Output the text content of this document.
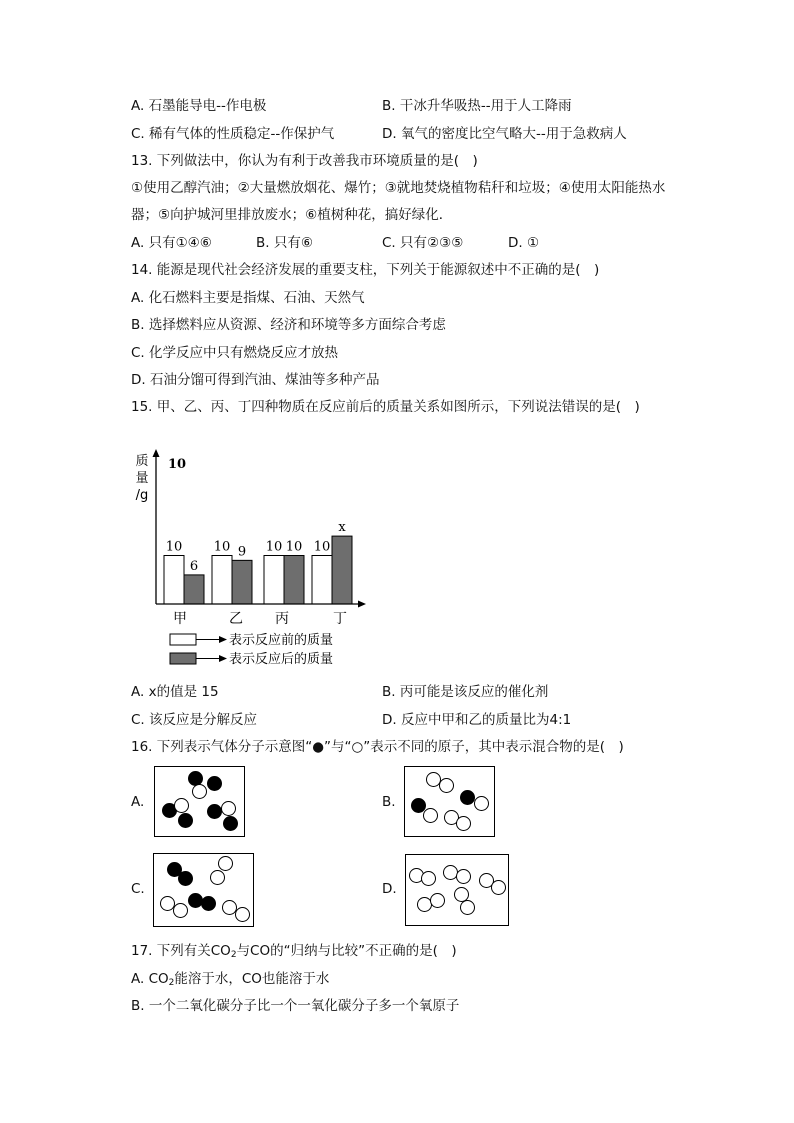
A. 石墨能导电--作电极	B. 干冰升华吸热--用于人工降雨
C. 稀有气体的性质稳定--作保护气	D. 氧气的密度比空气略大--用于急救病人
13. 下列做法中，你认为有利于改善我市环境质量的是(　)
①使用乙醇汽油；②大量燃放烟花、爆竹；③就地焚烧植物秸秆和垃圾；④使用太阳能热水
器；⑤向护城河里排放废水；⑥植树种花，搞好绿化．
A. 只有①④⑥	B. 只有⑥	C. 只有②③⑤	D. ①
14. 能源是现代社会经济发展的重要支柱，下列关于能源叙述中不正确的是(　)
A. 化石燃料主要是指煤、石油、天然气
B. 选择燃料应从资源、经济和环境等多方面综合考虑
C. 化学反应中只有燃烧反应才放热
D. 石油分馏可得到汽油、煤油等多种产品
15. 甲、乙、丙、丁四种物质在反应前后的质量关系如图所示，下列说法错误的是(　)
质
量
/g
10
10
6
10 9 10 10 10
x
甲	乙 丙	丁
表示反应前的质量
表示反应后的质量
A. x的值是 15	B. 丙可能是该反应的催化剂
C. 该反应是分解反应	D. 反应中甲和乙的质量比为4:1
16. 下列表示气体分子示意图“●”与“○”表示不同的原子，其中表示混合物的是(　)
A.	B.
C.	D.
17. 下列有关$CO_2$与CO的“归纳与比较”不正确的是(　)
A. $CO_2$能溶于水，CO也能溶于水
B. 一个二氧化碳分子比一个一氧化碳分子多一个氧原子
